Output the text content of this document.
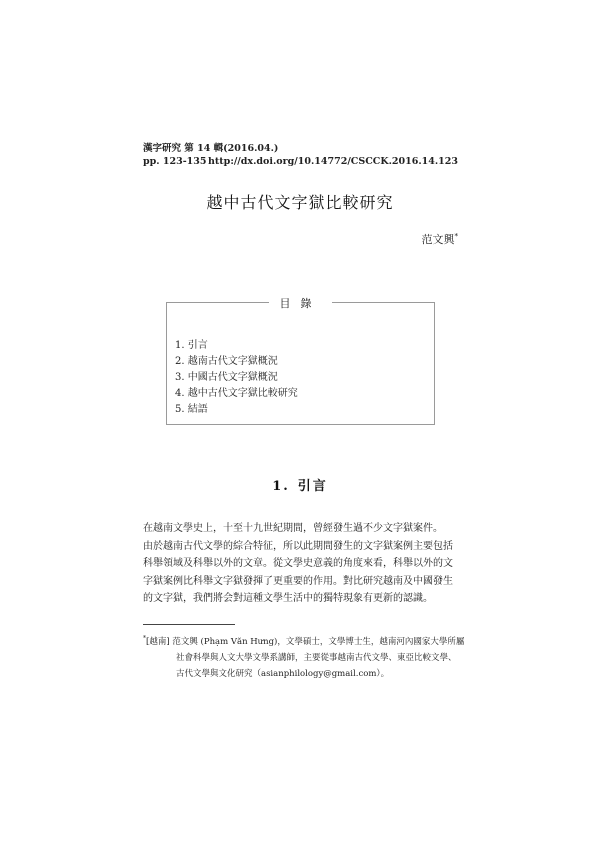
漢字研究 第 14 輯(2016.04.)
pp. 123-135 http://dx.doi.org/10.14772/CSCCK.2016.14.123
越中古代文字獄比較研究
范文興*
目錄
1. 引言
2. 越南古代文字獄概況
3. 中國古代文字獄概況
4. 越中古代文字獄比較研究
5. 結語
1. 引言
在越南文學史上，十至十九世紀期間，曾經發生過不少文字獄案件。
由於越南古代文學的綜合特征，所以此期間發生的文字獄案例主要包括
科舉領域及科舉以外的文章。從文學史意義的角度來看，科舉以外的文
字獄案例比科舉文字獄發揮了更重要的作用。對比研究越南及中國發生
的文字獄，我們將会對這種文學生活中的獨特現象有更新的認識。
*[越南] 范文興 (Phạm Văn Hưng)，文學碩士，文學博士生，越南河內國家大學所屬
社會科學與人文大學文學系講師，主要從事越南古代文學、東亞比較文學、
古代文學與文化研究（asianphilology@gmail.com）。
